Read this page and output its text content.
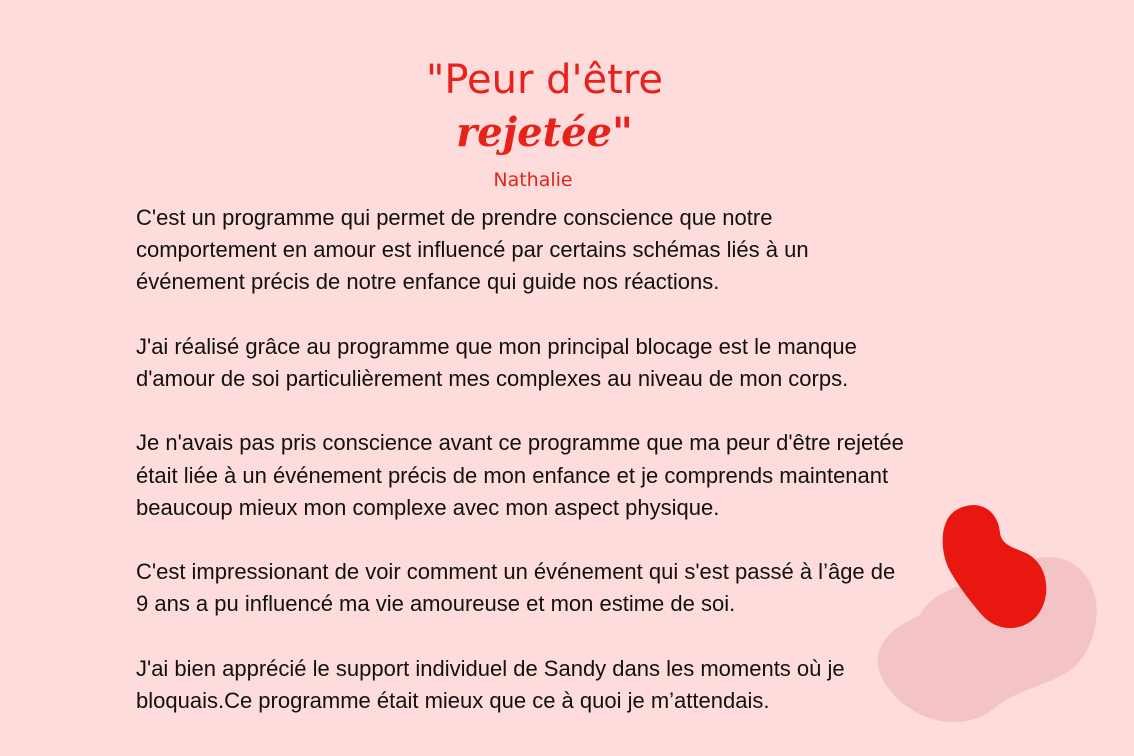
"Peur d'être
rejetée"
Nathalie

C'est un programme qui permet de prendre conscience que notre
comportement en amour est influencé par certains schémas liés à un
événement précis de notre enfance qui guide nos réactions.

J'ai réalisé grâce au programme que mon principal blocage est le manque
d'amour de soi particulièrement mes complexes au niveau de mon corps.

Je n'avais pas pris conscience avant ce programme que ma peur d'être rejetée
était liée à un événement précis de mon enfance et je comprends maintenant
beaucoup mieux mon complexe avec mon aspect physique.

C'est impressionant de voir comment un événement qui s'est passé à l’âge de
9 ans a pu influencé ma vie amoureuse et mon estime de soi.

J'ai bien apprécié le support individuel de Sandy dans les moments où je
bloquais.Ce programme était mieux que ce à quoi je m’attendais.
